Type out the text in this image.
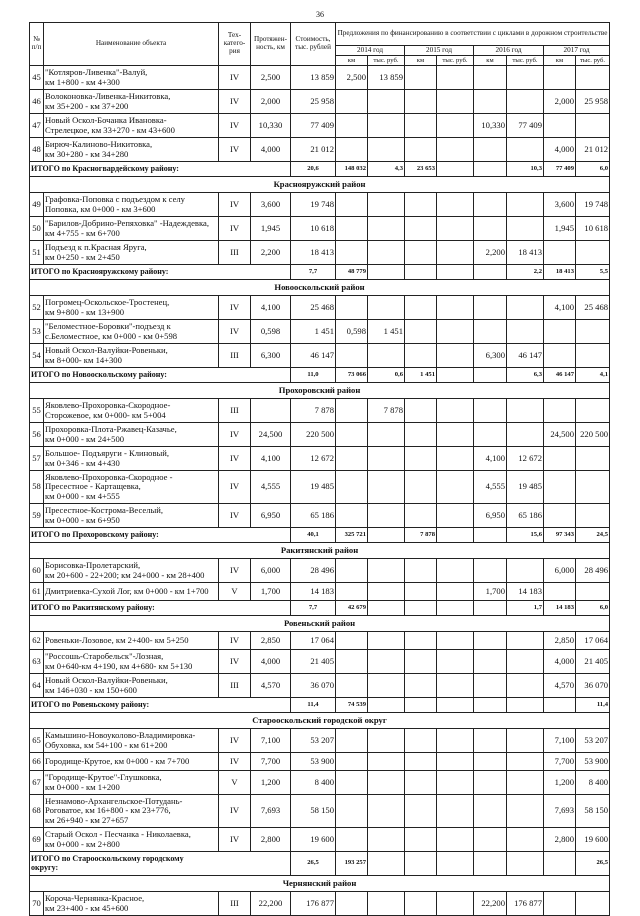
36
№ п/п	Наименование объекта	Тех- катего- рия	Протяжен- ность, км	Стоимость, тыс. рублей	Предложения по финансированию в соответствии с циклами в дорожном строительстве								
					2014 год		2015 год		2016 год		2017 год		
					км	тыс. руб.	км	тыс. руб.	км	тыс. руб.	км	тыс. руб.	
45	"Котляров-Ливенка"-Валуй,
км 1+800 - км 4+300	IV	2,500	13 859	2,500	13 859							
46	Волоконовка-Ливенка-Никитовка,
км 35+200 - км 37+200	IV	2,000	25 958							2,000	25 958	
47	Новый Оскол-Бочанка Ивановка-
Стрелецкое, км 33+270 - км 43+600	IV	10,330	77 409					10,330	77 409			
48	Бирюч-Калиново-Никитовка,
км 30+280 - км 34+280	IV	4,000	21 012							4,000	21 012	
ИТОГО по Красногвардейскому району:				20,6	148 032	4,3	23 653			10,3	77 409	6,0	
Краснояружский район													
49	Графовка-Поповка с подъездом к селу
Поповка, км 0+000 - км 3+600	IV	3,600	19 748							3,600	19 748	
50	"Барилов-Добрино-Репяховка" -Надеждевка,
км 4+755 - км 6+700	IV	1,945	10 618							1,945	10 618	
51	Подъезд к п.Красная Яруга,
км 0+250 - км 2+450	III	2,200	18 413					2,200	18 413			
ИТОГО по Краснояружскому району:				7,7	48 779					2,2	18 413	5,5	
Новооскольский район													
52	Погромец-Оскольское-Тростенец,
км 9+800 - км 13+900	IV	4,100	25 468							4,100	25 468	
53	"Беломестное-Боровки"-подъезд к
с.Беломестное, км 0+000 - км 0+598	IV	0,598	1 451	0,598	1 451							
54	Новый Оскол-Валуйки-Ровеньки,
км 8+000- км 14+300	III	6,300	46 147					6,300	46 147			
ИТОГО по Новооскольскому району:				11,0	73 066	0,6	1 451			6,3	46 147	4,1	
Прохоровский район													
55	Яковлево-Прохоровка-Скородное-
Сторожевое, км 0+000- км 5+004	III		7 878		7 878							
56	Прохоровка-Плота-Ржавец-Казачье,
км 0+000 - км 24+500	IV	24,500	220 500							24,500	220 500	
57	Большое- Подъяруги - Клиновый,
км 0+346 - км 4+430	IV	4,100	12 672					4,100	12 672			
58	Яковлево-Прохоровка-Скородное -
Пресестное - Картащевка,
км 0+000 - км 4+555	IV	4,555	19 485					4,555	19 485			
59	Пресестное-Кострома-Веселый,
км 0+000 - км 6+950	IV	6,950	65 186					6,950	65 186			
ИТОГО по Прохоровскому району:				40,1	325 721		7 878			15,6	97 343	24,5	
Ракитянский район													
60	Борисовка-Пролетарский,
км 20+600 - 22+200; км 24+000 - км 28+400	IV	6,000	28 496							6,000	28 496	
61	Дмитриевка-Сухой Лог, км 0+000 - км 1+700	V	1,700	14 183					1,700	14 183			
ИТОГО по Ракитянскому району:				7,7	42 679					1,7	14 183	6,0	
Ровеньский район													
62	Ровеньки-Лозовое, км 2+400- км 5+250	IV	2,850	17 064							2,850	17 064	
63	"Россошь-Старобельск"-Лозная,
км 0+640-км 4+190, км 4+680- км 5+130	IV	4,000	21 405							4,000	21 405	
64	Новый Оскол-Валуйки-Ровеньки,
км 146+030 - км 150+600	III	4,570	36 070							4,570	36 070	
ИТОГО по Ровеньскому району:				11,4	74 539							11,4	
Старооскольский городской округ													
65	Камышино-Новоуколово-Владимировка-
Обуховка, км 54+100 - км 61+200	IV	7,100	53 207							7,100	53 207	
66	Городище-Крутое, км 0+000 - км 7+700	IV	7,700	53 900							7,700	53 900	
67	"Городище-Крутое"-Глушковка,
км 0+000 - км 1+200	V	1,200	8 400							1,200	8 400	
68	Незнамово-Архангельское-Потудань-
Роговатое, км 16+800 - км 23+776,
км 26+940 - км 27+657	IV	7,693	58 150							7,693	58 150	
69	Старый Оскол - Песчанка - Николаевка,
км 0+000 - км 2+800	IV	2,800	19 600							2,800	19 600	

ИТОГО по Старооскольскому городскому
округу:				26,5	193 257							26,5	
Чернянский район													
70	Короча-Чернянка-Красное,
км 23+400 - км 45+600	III	22,200	176 877					22,200	176 877			
